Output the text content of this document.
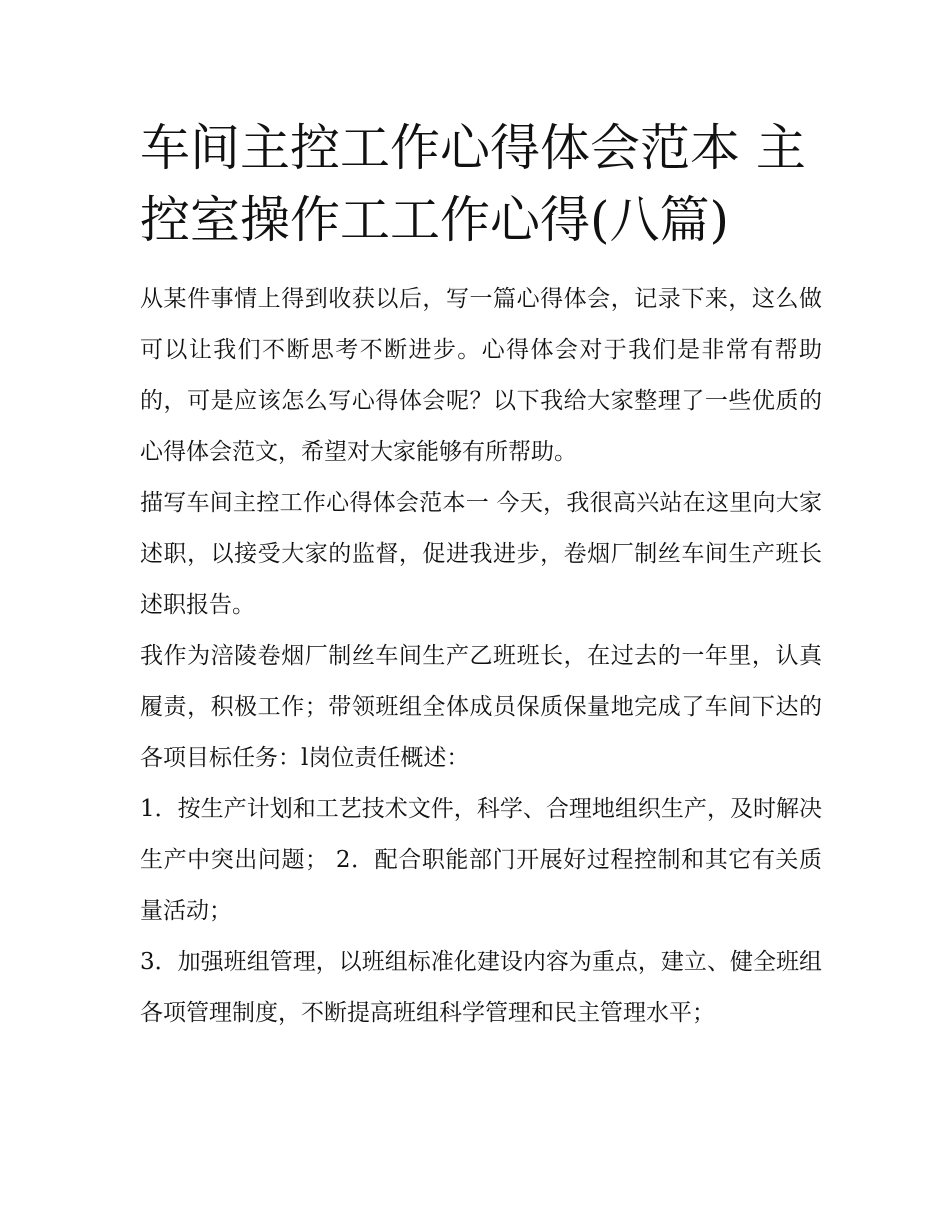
车间主控工作心得体会范本 主控室操作工工作心得(八篇)

从某件事情上得到收获以后，写一篇心得体会，记录下来，这么做可以让我们不断思考不断进步。心得体会对于我们是非常有帮助的，可是应该怎么写心得体会呢？以下我给大家整理了一些优质的心得体会范文，希望对大家能够有所帮助。

描写车间主控工作心得体会范本一 今天，我很高兴站在这里向大家述职，以接受大家的监督，促进我进步，卷烟厂制丝车间生产班长述职报告。

我作为涪陵卷烟厂制丝车间生产乙班班长，在过去的一年里，认真履责，积极工作；带领班组全体成员保质保量地完成了车间下达的各项目标任务：l岗位责任概述：

1．按生产计划和工艺技术文件，科学、合理地组织生产，及时解决生产中突出问题； 2．配合职能部门开展好过程控制和其它有关质量活动；

3．加强班组管理，以班组标准化建设内容为重点，建立、健全班组各项管理制度，不断提高班组科学管理和民主管理水平；
